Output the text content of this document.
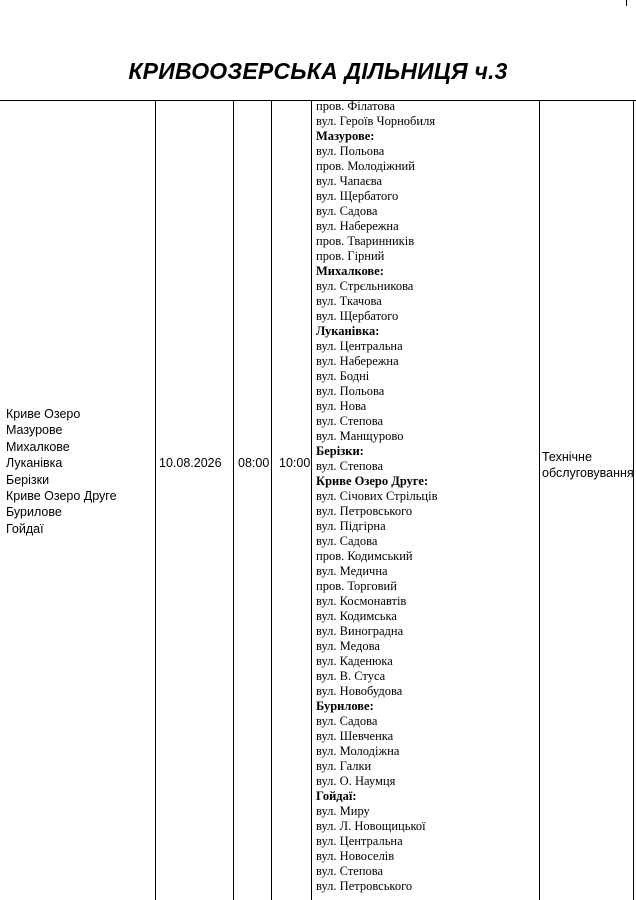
КРИВООЗЕРСЬКА ДІЛЬНИЦЯ ч.3
Криве Озеро
Мазурове
Михалкове
Луканівка
Берізки
Криве Озеро Друге
Бурилове
Гойдаї
10.08.2026 08:00 10:00	Технічне обслуговування
пров. Філатова
вул. Героїв Чорнобиля
Мазурове:
вул. Польова
пров. Молодіжний
вул. Чапаєва
вул. Щербатого
вул. Садова
вул. Набережна
пров. Тваринників
пров. Гірний
Михалкове:
вул. Стрєльникова
вул. Ткачова
вул. Щербатого
Луканівка:
вул. Центральна
вул. Набережна
вул. Бодні
вул. Польова
вул. Нова
вул. Степова
вул. Манщурово
Берізки:
вул. Степова
Криве Озеро Друге:
вул. Січових Стрільців
вул. Петровського
вул. Підгірна
вул. Садова
пров. Кодимський
вул. Медична
пров. Торговий
вул. Космонавтів
вул. Кодимська
вул. Виноградна
вул. Медова
вул. Каденюка
вул. В. Стуса
вул. Новобудова
Бурилове:
вул. Садова
вул. Шевченка
вул. Молодіжна
вул. Галки
вул. О. Наумця
Гойдаї:
вул. Миру
вул. Л. Новощицької
вул. Центральна
вул. Новоселів
вул. Степова
вул. Петровського
